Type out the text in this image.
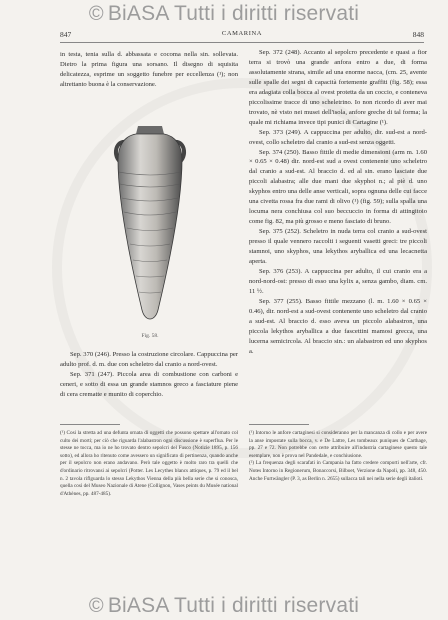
© BiASA Tutti i diritti riservati
847	CAMARINA	848

in testa, tenia sulla d. abbassata e cocoma nella sin. sollevata. Dietro la prima figura una sorsano. Il disegno di squisita delicatezza, esprime un soggetto funebre per eccellenza (¹); non altrettanto buona è la conservazione.

Fig. 58.

Sep. 370 (246). Presso la costruzione circolare. Cappuccina per adulto prof. d. m. due con scheletro dal cranio a nord-ovest.

Sep. 371 (247). Piccola area di combustione con carboni e ceneri, e sotto di essa un grande stamnos greco a fasciature piene di cera crematte e munito di coperchio.

Sep. 372 (248). Accanto al sepolcro precedente e quasi a fior terra si trovò una grande anfora entro a due, di forma assolutamente strana, simile ad una enorme nacca, (cm. 25, avente sulle spalle dei segni di capacità fortemente graffiti (fig. 58); essa era adagiata colla bocca al ovest protetta da un coccio, e conteneva piccolissime tracce di uno scheletrino. Io non ricordo di aver mai trovato, nè visto nei musei dell'isola, anfore greche di tal forma; la quale mi richiama invece tipi punici di Cartagine (¹).

Sep. 373 (249). A cappuccina per adulto, dir. sud-est a nord-ovest, collo scheletro dal cranio a sud-est senza oggetti.

Sep. 374 (250). Basso fittile di medie dimensioni (arm m. 1.60 × 0.65 × 0.48) dir. nord-est sud a ovest contenente uno scheletro dal cranio a sud-est. Al braccio d. ed al sin. erano lasciate due piccoli alabastra; alle due mani due skyphoi n.; al piè d. uno skyphos entro una delle anse verticali, sopra ognuna delle cui facce una civetta rossa fra due rami di olivo (¹) (fig. 59); sulla spalla una locuma nera conchiusa col suo beccuccio in forma di attingitoio come fig. 82, ma più grosso e meno fasciato di bruno.

Sep. 375 (252). Scheletro in nuda terra col cranio a sud-ovest presso il quale vennero raccolti i seguenti vasetti greci: tre piccoli stamnoi, uno skyphos, una lekythos aryballica ed una lecacnetta aperta.

Sep. 376 (253). A cappuccina per adulto, il cui cranio era a nord-nord-ost: presso di esso una kylix a, senza gambo, diam. cm. 11 ½.

Sep. 377 (255). Basso fittile mezzano (l. m. 1.60 × 0.65 × 0.46), dir. nord-est a sud-ovest contenente uno scheletro dal cranio a sud-est. Al braccio d. esso aveva un piccolo alabastron, una piccola lekythos aryballica a due fascettini mamosi grecca, una lucerna semicircola. Al braccio sin.: un alabastron ed uno skyphos a.

(¹) Cosi la stretta ad una defunta ornata di oggetti che possono spettare all'ornato col culto dei morti; per ciò che riguarda l'alabastron ogni discussione è superflua. Per le stesse ne tocca, ma io ne ho trovato dentro sepolcri del Fusco (Notizie 1895, p. 156 sotto), ed allora ho ritenuto come avessero un significato di pertinenza, quando anche per il sepolcro non erano andavano. Però tale oggetto è molto raro tra quelli che d'ordinario ritrovansi ai sepolcri (Potter. Les Lecythes blancs attiques, p. 79 ed il bel n. 2 tavola riflguarda lo stesso Lekythos Vienna della più bella serie che si conosca, quella così del Museo Nazionale di Atene (Collignon, Vases peints du Musée national d'Athènes, pp. 487-485).

(¹) Intorno le anfore cartaginesi si consideranno per la mancanza di collo e per avere la anse impostate sulla bocca, v. e De Lattre, Les tombeaux puniques de Carthage, pp. 27 e 72. Non potrebbe con certe attribuire all'industria cartaginese questo tale esemplare, non è prova nel Pandedale, e conchiusione.

(²) La frequenza degli scarafati in Campania ha fatto credere comporti nell'arte, cfr. Notes Intorno in Regionerum, Bonaccorsi, Bilboet, Verzione da Napoli, pp. 348, 450. Anche Furtwängler (P. 3, as Berlin n. 2655) sullacca tali nei nella serie degli italioti.

© BiASA Tutti i diritti riservati
